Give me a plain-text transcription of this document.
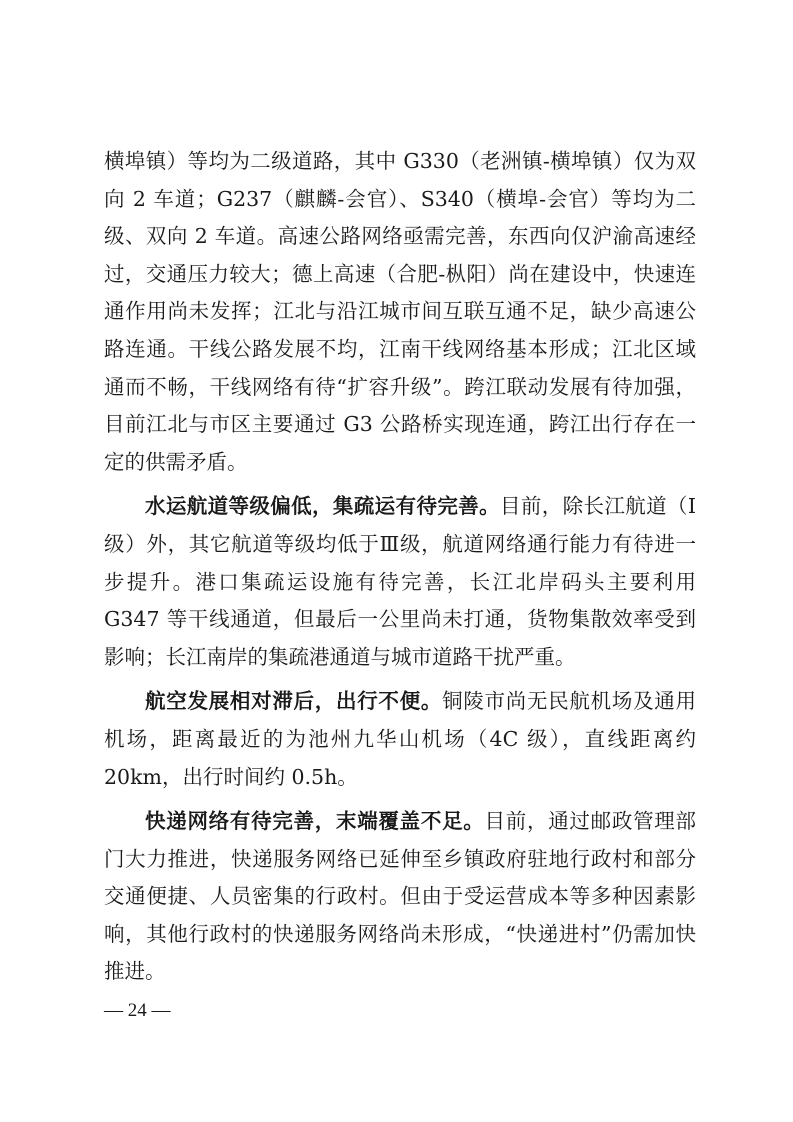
横埠镇）等均为二级道路，其中 G330（老洲镇-横埠镇）仅为双向 2 车道；G237（麒麟-会官）、S340（横埠-会官）等均为二级、双向 2 车道。高速公路网络亟需完善，东西向仅沪渝高速经过，交通压力较大；德上高速（合肥-枞阳）尚在建设中，快速连通作用尚未发挥；江北与沿江城市间互联互通不足，缺少高速公路连通。干线公路发展不均，江南干线网络基本形成；江北区域通而不畅，干线网络有待“扩容升级”。跨江联动发展有待加强，目前江北与市区主要通过 G3 公路桥实现连通，跨江出行存在一定的供需矛盾。

水运航道等级偏低，集疏运有待完善。目前，除长江航道（Ⅰ级）外，其它航道等级均低于Ⅲ级，航道网络通行能力有待进一步提升。港口集疏运设施有待完善，长江北岸码头主要利用 G347 等干线通道，但最后一公里尚未打通，货物集散效率受到影响；长江南岸的集疏港通道与城市道路干扰严重。

航空发展相对滞后，出行不便。铜陵市尚无民航机场及通用机场，距离最近的为池州九华山机场（4C 级），直线距离约 20km，出行时间约 0.5h。

快递网络有待完善，末端覆盖不足。目前，通过邮政管理部门大力推进，快递服务网络已延伸至乡镇政府驻地行政村和部分交通便捷、人员密集的行政村。但由于受运营成本等多种因素影响，其他行政村的快递服务网络尚未形成，“快递进村”仍需加快推进。

— 24 —
